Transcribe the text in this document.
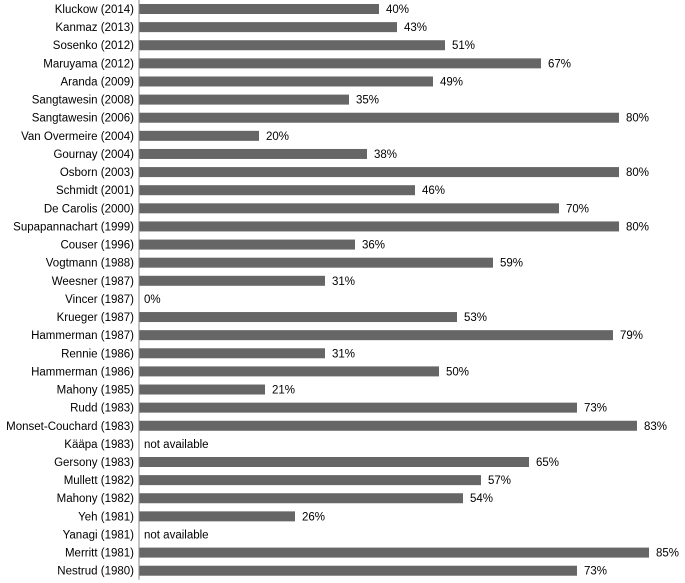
Kluckow (2014)
Kanmaz (2013)
Sosenko (2012)
Maruyama (2012)
Aranda (2009)
Sangtawesin (2008)
Sangtawesin (2006)
Van Overmeire (2004)
Gournay (2004)
Osborn (2003)
Schmidt (2001)
De Carolis (2000)
Supapannachart (1999)
Couser (1996)
Vogtmann (1988)
Weesner (1987)
Vincer (1987)
Krueger (1987)
Hammerman (1987)
Rennie (1986)
Hammerman (1986)
Mahony (1985)
Rudd (1983)
Monset-Couchard (1983)
Kääpa (1983)
Gersony (1983)
Mullett (1982)
Mahony (1982)
Yeh (1981)
Yanagi (1981)
Merritt (1981)
Nestrud (1980)
40%
43%
51%
67%
49%
35%
80%
20%
38%
80%
46%
70%
80%
36%
59%
31%
0%
53%
79%
31%
50%
21%
73%
83%
not available
65%
57%
54%
26%
not available
85%
73%
